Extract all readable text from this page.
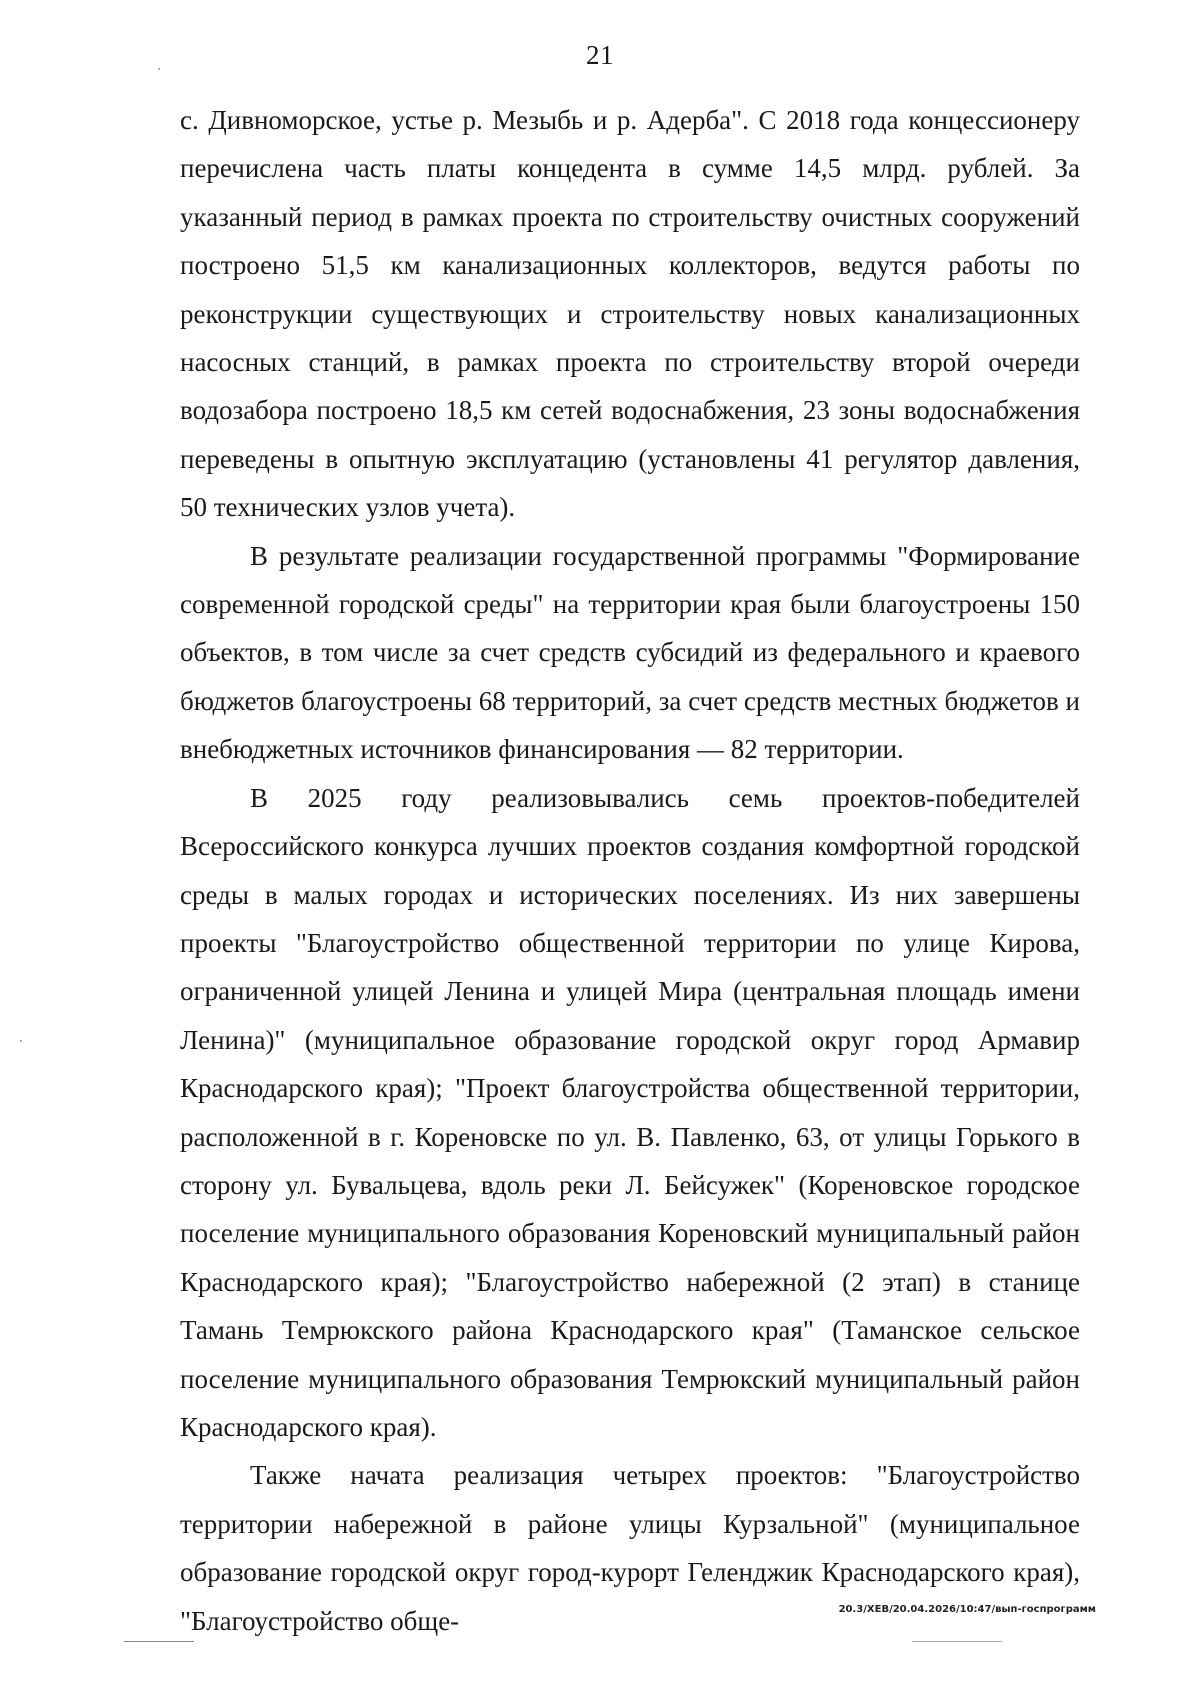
21

с. Дивноморское, устье р. Мезыбь и р. Адерба". С 2018 года концессионеру перечислена часть платы концедента в сумме 14,5 млрд. рублей. За указанный период в рамках проекта по строительству очистных сооружений построено 51,5 км канализационных коллекторов, ведутся работы по реконструкции существующих и строительству новых канализационных насосных станций, в рамках проекта по строительству второй очереди водозабора построено 18,5 км сетей водоснабжения, 23 зоны водоснабжения переведены в опытную эксплуатацию (установлены 41 регулятор давления, 50 технических узлов учета).

В результате реализации государственной программы "Формирование современной городской среды" на территории края были благоустроены 150 объектов, в том числе за счет средств субсидий из федерального и краевого бюджетов благоустроены 68 территорий, за счет средств местных бюджетов и внебюджетных источников финансирования — 82 территории.

В 2025 году реализовывались семь проектов-победителей Всероссийского конкурса лучших проектов создания комфортной городской среды в малых городах и исторических поселениях. Из них завершены проекты "Благоустройство общественной территории по улице Кирова, ограниченной улицей Ленина и улицей Мира (центральная площадь имени Ленина)" (муниципальное образование городской округ город Армавир Краснодарского края); "Проект благоустройства общественной территории, расположенной в г. Кореновске по ул. В. Павленко, 63, от улицы Горького в сторону ул. Бувальцева, вдоль реки Л. Бейсужек" (Кореновское городское поселение муниципального образования Кореновский муниципальный район Краснодарского края); "Благоустройство набережной (2 этап) в станице Тамань Темрюкского района Краснодарского края" (Таманское сельское поселение муниципального образования Темрюкский муниципальный район Краснодарского края).

Также начата реализация четырех проектов: "Благоустройство территории набережной в районе улицы Курзальной" (муниципальное образование городской округ город-курорт Геленджик Краснодарского края), "Благоустройство обще-	20.3/ХЕВ/20.04.2026/10:47/вып-госпрограмм
